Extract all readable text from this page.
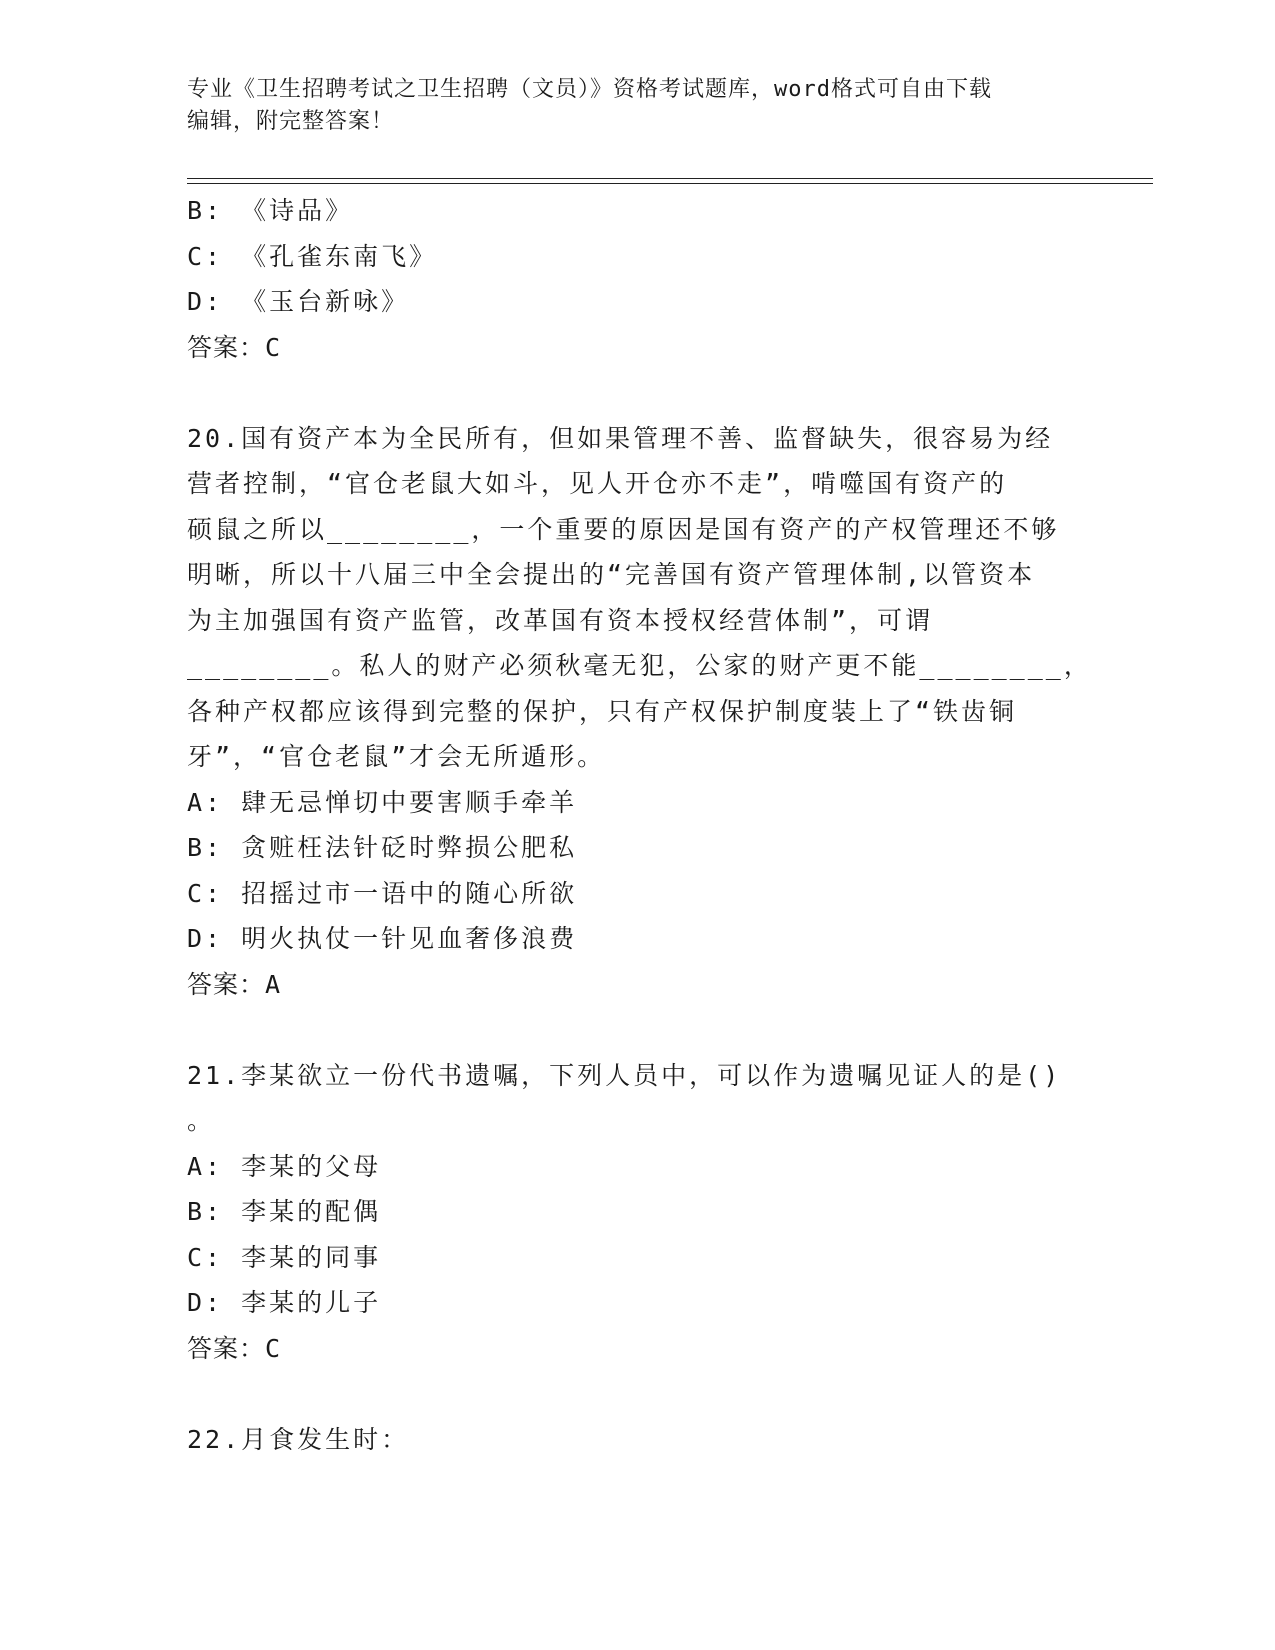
专业《卫生招聘考试之卫生招聘（文员）》资格考试题库，word格式可自由下载
编辑，附完整答案！
B: 《诗品》
C: 《孔雀东南飞》
D: 《玉台新咏》
答案：C
20.国有资产本为全民所有，但如果管理不善、监督缺失，很容易为经
营者控制，“官仓老鼠大如斗，见人开仓亦不走”，啃噬国有资产的
硕鼠之所以________，一个重要的原因是国有资产的产权管理还不够
明晰，所以十八届三中全会提出的“完善国有资产管理体制,以管资本
为主加强国有资产监管，改革国有资本授权经营体制”，可谓
________。私人的财产必须秋毫无犯，公家的财产更不能________，
各种产权都应该得到完整的保护，只有产权保护制度装上了“铁齿铜
牙”，“官仓老鼠”才会无所遁形。
A: 肆无忌惮切中要害顺手牵羊
B: 贪赃枉法针砭时弊损公肥私
C: 招摇过市一语中的随心所欲
D: 明火执仗一针见血奢侈浪费
答案：A
21.李某欲立一份代书遗嘱，下列人员中，可以作为遗嘱见证人的是()
。
A: 李某的父母
B: 李某的配偶
C: 李某的同事
D: 李某的儿子
答案：C
22.月食发生时：
